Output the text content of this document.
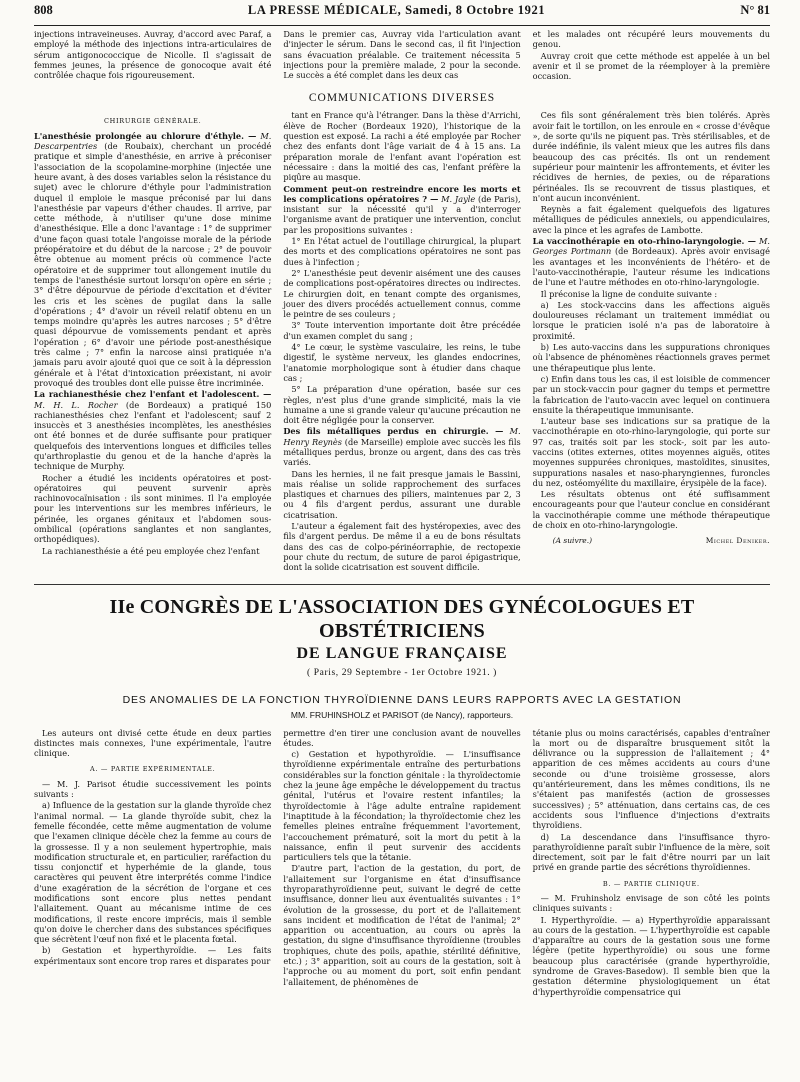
808	LA PRESSE MÉDICALE, Samedi, 8 Octobre 1921	N° 81

injections intraveineuses. Auvray, d'accord avec Paraf, a employé la méthode des injections intra-articulaires de sérum antigonococcique de Nicolle. Il s'agissait de femmes jeunes, la présence de gonocoque avait été contrôlée chaque fois rigoureusement.

Dans le premier cas, Auvray vida l'articulation avant d'injecter le sérum. Dans le second cas, il fit l'injection sans évacuation préalable. Ce traitement nécessita 5 injections pour la première malade, 2 pour la seconde. Le succès a été complet dans les deux cas

et les malades ont récupéré leurs mouvements du genou.

Auvray croit que cette méthode est appelée à un bel avenir et il se promet de la réemployer à la première occasion.

COMMUNICATIONS DIVERSES
CHIRURGIE GÉNÉRALE.

L'anesthésie prolongée au chlorure d'éthyle. — M. Descarpentries (de Roubaix), cherchant un procédé pratique et simple d'anesthésie, en arrive à préconiser l'association de la scopolamine-morphine (injectée une heure avant, à des doses variables selon la résistance du sujet) avec le chlorure d'éthyle pour l'administration duquel il emploie le masque préconisé par lui dans l'anesthésie par vapeurs d'éther chaudes. Il arrive, par cette méthode, à n'utiliser qu'une dose minime d'anesthésique. Elle a donc l'avantage : 1° de supprimer d'une façon quasi totale l'angoisse morale de la période préopératoire et du début de la narcose ; 2° de pouvoir être obtenue au moment précis où commence l'acte opératoire et de supprimer tout allongement inutile du temps de l'anesthésie surtout lorsqu'on opère en série ; 3° d'être dépourvue de période d'excitation et d'éviter les cris et les scènes de pugilat dans la salle d'opérations ; 4° d'avoir un réveil relatif obtenu en un temps moindre qu'après les autres narcoses ; 5° d'être quasi dépourvue de vomissements pendant et après l'opération ; 6° d'avoir une période post-anesthésique très calme ; 7° enfin la narcose ainsi pratiquée n'a jamais paru avoir ajouté quoi que ce soit à la dépression générale et à l'état d'intoxication préexistant, ni avoir provoqué des troubles dont elle puisse être incriminée.

La rachianesthésie chez l'enfant et l'adolescent. — M. H. L. Rocher (de Bordeaux) a pratiqué 150 rachianesthésies chez l'enfant et l'adolescent; sauf 2 insuccès et 3 anesthésies incomplètes, les anesthésies ont été bonnes et de durée suffisante pour pratiquer quelquefois des interventions longues et difficiles telles qu'arthroplastie du genou et de la hanche d'après la technique de Murphy.

Rocher a étudié les incidents opératoires et post-opératoires qui peuvent survenir après rachinovocaïnisation : ils sont minimes. Il l'a employée pour les interventions sur les membres inférieurs, le périnée, les organes génitaux et l'abdomen sous-ombilical (opérations sanglantes et non sanglantes, orthopédiques).

La rachianesthésie a été peu employée chez l'enfant

tant en France qu'à l'étranger. Dans la thèse d'Arrichi, élève de Rocher (Bordeaux 1920), l'historique de la question est exposé. La rachi a été employée par Rocher chez des enfants dont l'âge variait de 4 à 15 ans. La préparation morale de l'enfant avant l'opération est nécessaire : dans la moitié des cas, l'enfant préfère la piqûre au masque.

Comment peut-on restreindre encore les morts et les complications opératoires ? — M. Jayle (de Paris), insistant sur la nécessité qu'il y a d'interroger l'organisme avant de pratiquer une intervention, conclut par les propositions suivantes :

1° En l'état actuel de l'outillage chirurgical, la plupart des morts et des complications opératoires ne sont pas dues à l'infection ;

2° L'anesthésie peut devenir aisément une des causes de complications post-opératoires directes ou indirectes. Le chirurgien doit, en tenant compte des organismes, jouer des divers procédés actuellement connus, comme le peintre de ses couleurs ;

3° Toute intervention importante doit être précédée d'un examen complet du sang ;

4° Le cœur, le système vasculaire, les reins, le tube digestif, le système nerveux, les glandes endocrines, l'anatomie morphologique sont à étudier dans chaque cas ;

5° La préparation d'une opération, basée sur ces règles, n'est plus d'une grande simplicité, mais la vie humaine a une si grande valeur qu'aucune précaution ne doit être négligée pour la conserver.

Des fils métalliques perdus en chirurgie. — M. Henry Reynès (de Marseille) emploie avec succès les fils métalliques perdus, bronze ou argent, dans des cas très variés.

Dans les hernies, il ne fait presque jamais le Bassini, mais réalise un solide rapprochement des surfaces plastiques et charnues des piliers, maintenues par 2, 3 ou 4 fils d'argent perdus, assurant une durable cicatrisation.

L'auteur a également fait des hystéropexies, avec des fils d'argent perdus. De même il a eu de bons résultats dans des cas de colpo-périnéorraphie, de rectopexie pour chute du rectum, de suture de paroi épigastrique, dont la solide cicatrisation est souvent difficile.

Ces fils sont généralement très bien tolérés. Après avoir fait le tortillon, on les enroule en « crosse d'évêque », de sorte qu'ils ne piquent pas. Très stérilisables, et de durée indéfinie, ils valent mieux que les autres fils dans beaucoup des cas précités. Ils ont un rendement supérieur pour maintenir les affrontements, et éviter les récidives de hernies, de pexies, ou de réparations périnéales. Ils se recouvrent de tissus plastiques, et n'ont aucun inconvénient.

Reynès a fait également quelquefois des ligatures métalliques de pédicules annexiels, ou appendiculaires, avec la pince et les agrafes de Lambotte.

La vaccinothérapie en oto-rhino-laryngologie. — M. Georges Portmann (de Bordeaux). Après avoir envisagé les avantages et les inconvénients de l'hétéro- et de l'auto-vaccinothérapie, l'auteur résume les indications de l'une et l'autre méthodes en oto-rhino-laryngologie.

Il préconise la ligne de conduite suivante :

a) Les stock-vaccins dans les affections aiguës douloureuses réclamant un traitement immédiat ou lorsque le praticien isolé n'a pas de laboratoire à proximité.

b) Les auto-vaccins dans les suppurations chroniques où l'absence de phénomènes réactionnels graves permet une thérapeutique plus lente.

c) Enfin dans tous les cas, il est loisible de commencer par un stock-vaccin pour gagner du temps et permettre la fabrication de l'auto-vaccin avec lequel on continuera ensuite la thérapeutique immunisante.

L'auteur base ses indications sur sa pratique de la vaccinothérapie en oto-rhino-laryngologie, qui porte sur 97 cas, traités soit par les stock-, soit par les auto-vaccins (otites externes, otites moyennes aiguës, otites moyennes suppurées chroniques, mastoïdites, sinusites, suppurations nasales et naso-pharyngiennes, furoncles du nez, ostéomyélite du maxillaire, érysipèle de la face).

Les résultats obtenus ont été suffisamment encourageants pour que l'auteur conclue en considérant la vaccinothérapie comme une méthode thérapeutique de choix en oto-rhino-laryngologie.

(A suivre.)	Michel Deniker.
IIe CONGRÈS DE L'ASSOCIATION DES GYNÉCOLOGUES ET OBSTÉTRICIENS
DE LANGUE FRANÇAISE
( Paris, 29 Septembre - 1er Octobre 1921. )
DES ANOMALIES DE LA FONCTION THYROÏDIENNE DANS LEURS RAPPORTS AVEC LA GESTATION
MM. FRUHINSHOLZ et PARISOT (de Nancy), rapporteurs.

Les auteurs ont divisé cette étude en deux parties distinctes mais connexes, l'une expérimentale, l'autre clinique.

A. — PARTIE EXPÉRIMENTALE.

— M. J. Parisot étudie successivement les points suivants :

a) Influence de la gestation sur la glande thyroïde chez l'animal normal. — La glande thyroïde subit, chez la femelle fécondée, cette même augmentation de volume que l'examen clinique décèle chez la femme au cours de la grossesse. Il y a non seulement hypertrophie, mais modification structurale et, en particulier, raréfaction du tissu conjonctif et hyperhémie de la glande, tous caractères qui peuvent être interprétés comme l'indice d'une exagération de la sécrétion de l'organe et ces modifications sont encore plus nettes pendant l'allaitement. Quant au mécanisme intime de ces modifications, il reste encore imprécis, mais il semble qu'on doive le chercher dans des substances spécifiques que sécrètent l'œuf non fixé et le placenta fœtal.

b) Gestation et hyperthyroïdie. — Les faits expérimentaux sont encore trop rares et disparates pour

permettre d'en tirer une conclusion avant de nouvelles études.

c) Gestation et hypothyroïdie. — L'insuffisance thyroïdienne expérimentale entraîne des perturbations considérables sur la fonction génitale : la thyroïdectomie chez la jeune âge empêche le développement du tractus génital, l'utérus et l'ovaire restent infantiles; la thyroïdectomie à l'âge adulte entraîne rapidement l'inaptitude à la fécondation; la thyroïdectomie chez les femelles pleines entraîne fréquemment l'avortement, l'accouchement prématuré, soit la mort du petit à la naissance, enfin il peut survenir des accidents particuliers tels que la tétanie.

D'autre part, l'action de la gestation, du port, de l'allaitement sur l'organisme en état d'insuffisance thyroparathyroïdienne peut, suivant le degré de cette insuffisance, donner lieu aux éventualités suivantes : 1° évolution de la grossesse, du port et de l'allaitement sans incident et modification de l'état de l'animal; 2° apparition ou accentuation, au cours ou après la gestation, du signe d'insuffisance thyroïdienne (troubles trophiques, chute des poils, apathie, stérilité définitive, etc.) ; 3° apparition, soit au cours de la gestation, soit à l'approche ou au moment du port, soit enfin pendant l'allaitement, de phénomènes de

tétanie plus ou moins caractérisés, capables d'entraîner la mort ou de disparaître brusquement sitôt la délivrance ou la suppression de l'allaitement ; 4° apparition de ces mêmes accidents au cours d'une seconde ou d'une troisième grossesse, alors qu'antérieurement, dans les mêmes conditions, ils ne s'étaient pas manifestés (action de grossesses successives) ; 5° atténuation, dans certains cas, de ces accidents sous l'influence d'injections d'extraits thyroïdiens.

d) La descendance dans l'insuffisance thyro-parathyroïdienne paraît subir l'influence de la mère, soit directement, soit par le fait d'être nourri par un lait privé en grande partie des sécrétions thyroïdiennes.

B. — PARTIE CLINIQUE.

— M. Fruhinsholz envisage de son côté les points cliniques suivants :

I. Hyperthyroïdie. — a) Hyperthyroïdie apparaissant au cours de la gestation. — L'hyperthyroïdie est capable d'apparaître au cours de la gestation sous une forme légère (petite hyperthyroïdie) ou sous une forme beaucoup plus caractérisée (grande hyperthyroïdie, syndrome de Graves-Basedow). Il semble bien que la gestation détermine physiologiquement un état d'hyperthyroïdie compensatrice qui
